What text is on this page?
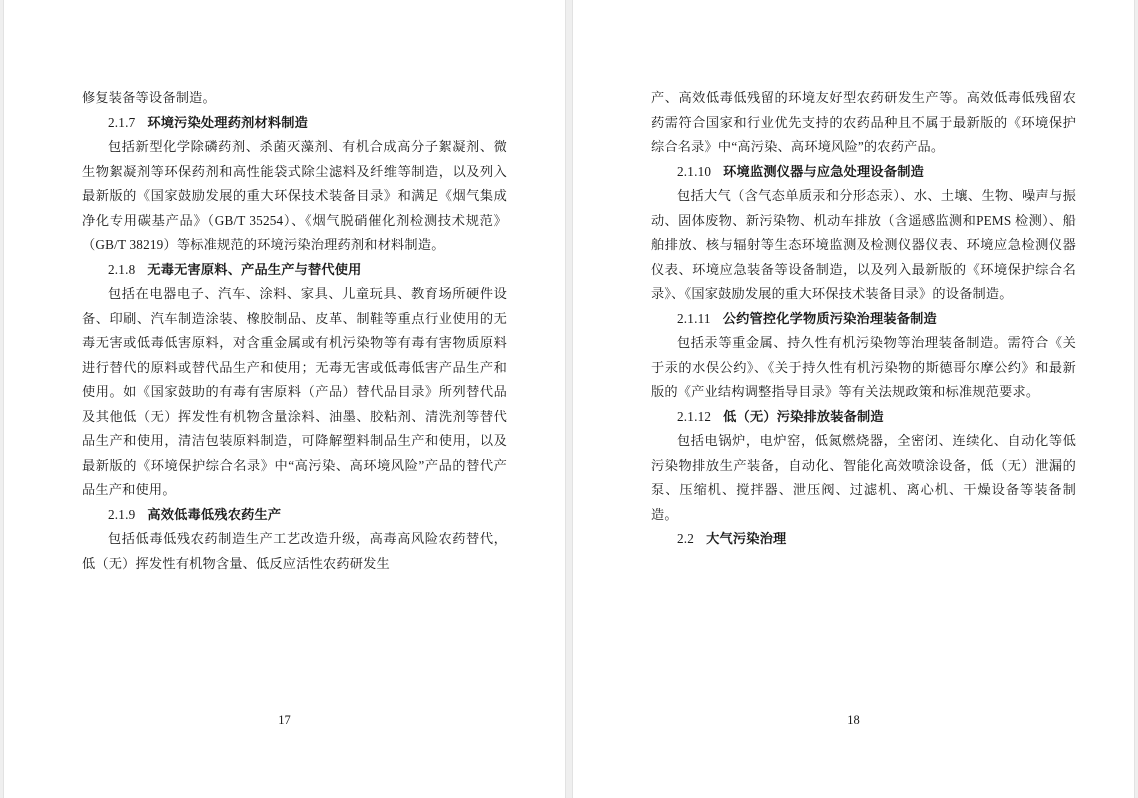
修复装备等设备制造。

2.1.7 环境污染处理药剂材料制造

包括新型化学除磷药剂、杀菌灭藻剂、有机合成高分子絮凝剂、微生物絮凝剂等环保药剂和高性能袋式除尘滤料及纤维等制造，以及列入最新版的《国家鼓励发展的重大环保技术装备目录》和满足《烟气集成净化专用碳基产品》（GB/T 35254）、《烟气脱硝催化剂检测技术规范》（GB/T 38219）等标准规范的环境污染治理药剂和材料制造。

2.1.8 无毒无害原料、产品生产与替代使用

包括在电器电子、汽车、涂料、家具、儿童玩具、教育场所硬件设备、印刷、汽车制造涂装、橡胶制品、皮革、制鞋等重点行业使用的无毒无害或低毒低害原料，对含重金属或有机污染物等有毒有害物质原料进行替代的原料或替代品生产和使用；无毒无害或低毒低害产品生产和使用。如《国家鼓助的有毒有害原料（产品）替代品目录》所列替代品及其他低（无）挥发性有机物含量涂料、油墨、胶粘剂、清洗剂等替代品生产和使用，清洁包装原料制造，可降解塑料制品生产和使用，以及最新版的《环境保护综合名录》中“高污染、高环境风险”产品的替代产品生产和使用。

2.1.9 高效低毒低残农药生产

包括低毒低残农药制造生产工艺改造升级，高毒高风险农药替代，低（无）挥发性有机物含量、低反应活性农药研发生

17

产、高效低毒低残留的环境友好型农药研发生产等。高效低毒低残留农药需符合国家和行业优先支持的农药品种且不属于最新版的《环境保护综合名录》中“高污染、高环境风险”的农药产品。

2.1.10 环境监测仪器与应急处理设备制造

包括大气（含气态单质汞和分形态汞）、水、土壤、生物、噪声与振动、固体废物、新污染物、机动车排放（含遥感监测和PEMS 检测）、船舶排放、核与辐射等生态环境监测及检测仪器仪表、环境应急检测仪器仪表、环境应急装备等设备制造，以及列入最新版的《环境保护综合名录》、《国家鼓励发展的重大环保技术装备目录》的设备制造。

2.1.11 公约管控化学物质污染治理装备制造

包括汞等重金属、持久性有机污染物等治理装备制造。需符合《关于汞的水俣公约》、《关于持久性有机污染物的斯德哥尔摩公约》和最新版的《产业结构调整指导目录》等有关法规政策和标准规范要求。

2.1.12 低（无）污染排放装备制造

包括电锅炉，电炉窑，低氮燃烧器，全密闭、连续化、自动化等低污染物排放生产装备，自动化、智能化高效喷涂设备，低（无）泄漏的泵、压缩机、搅拌器、泄压阀、过滤机、离心机、干燥设备等装备制造。

2.2 大气污染治理

18
